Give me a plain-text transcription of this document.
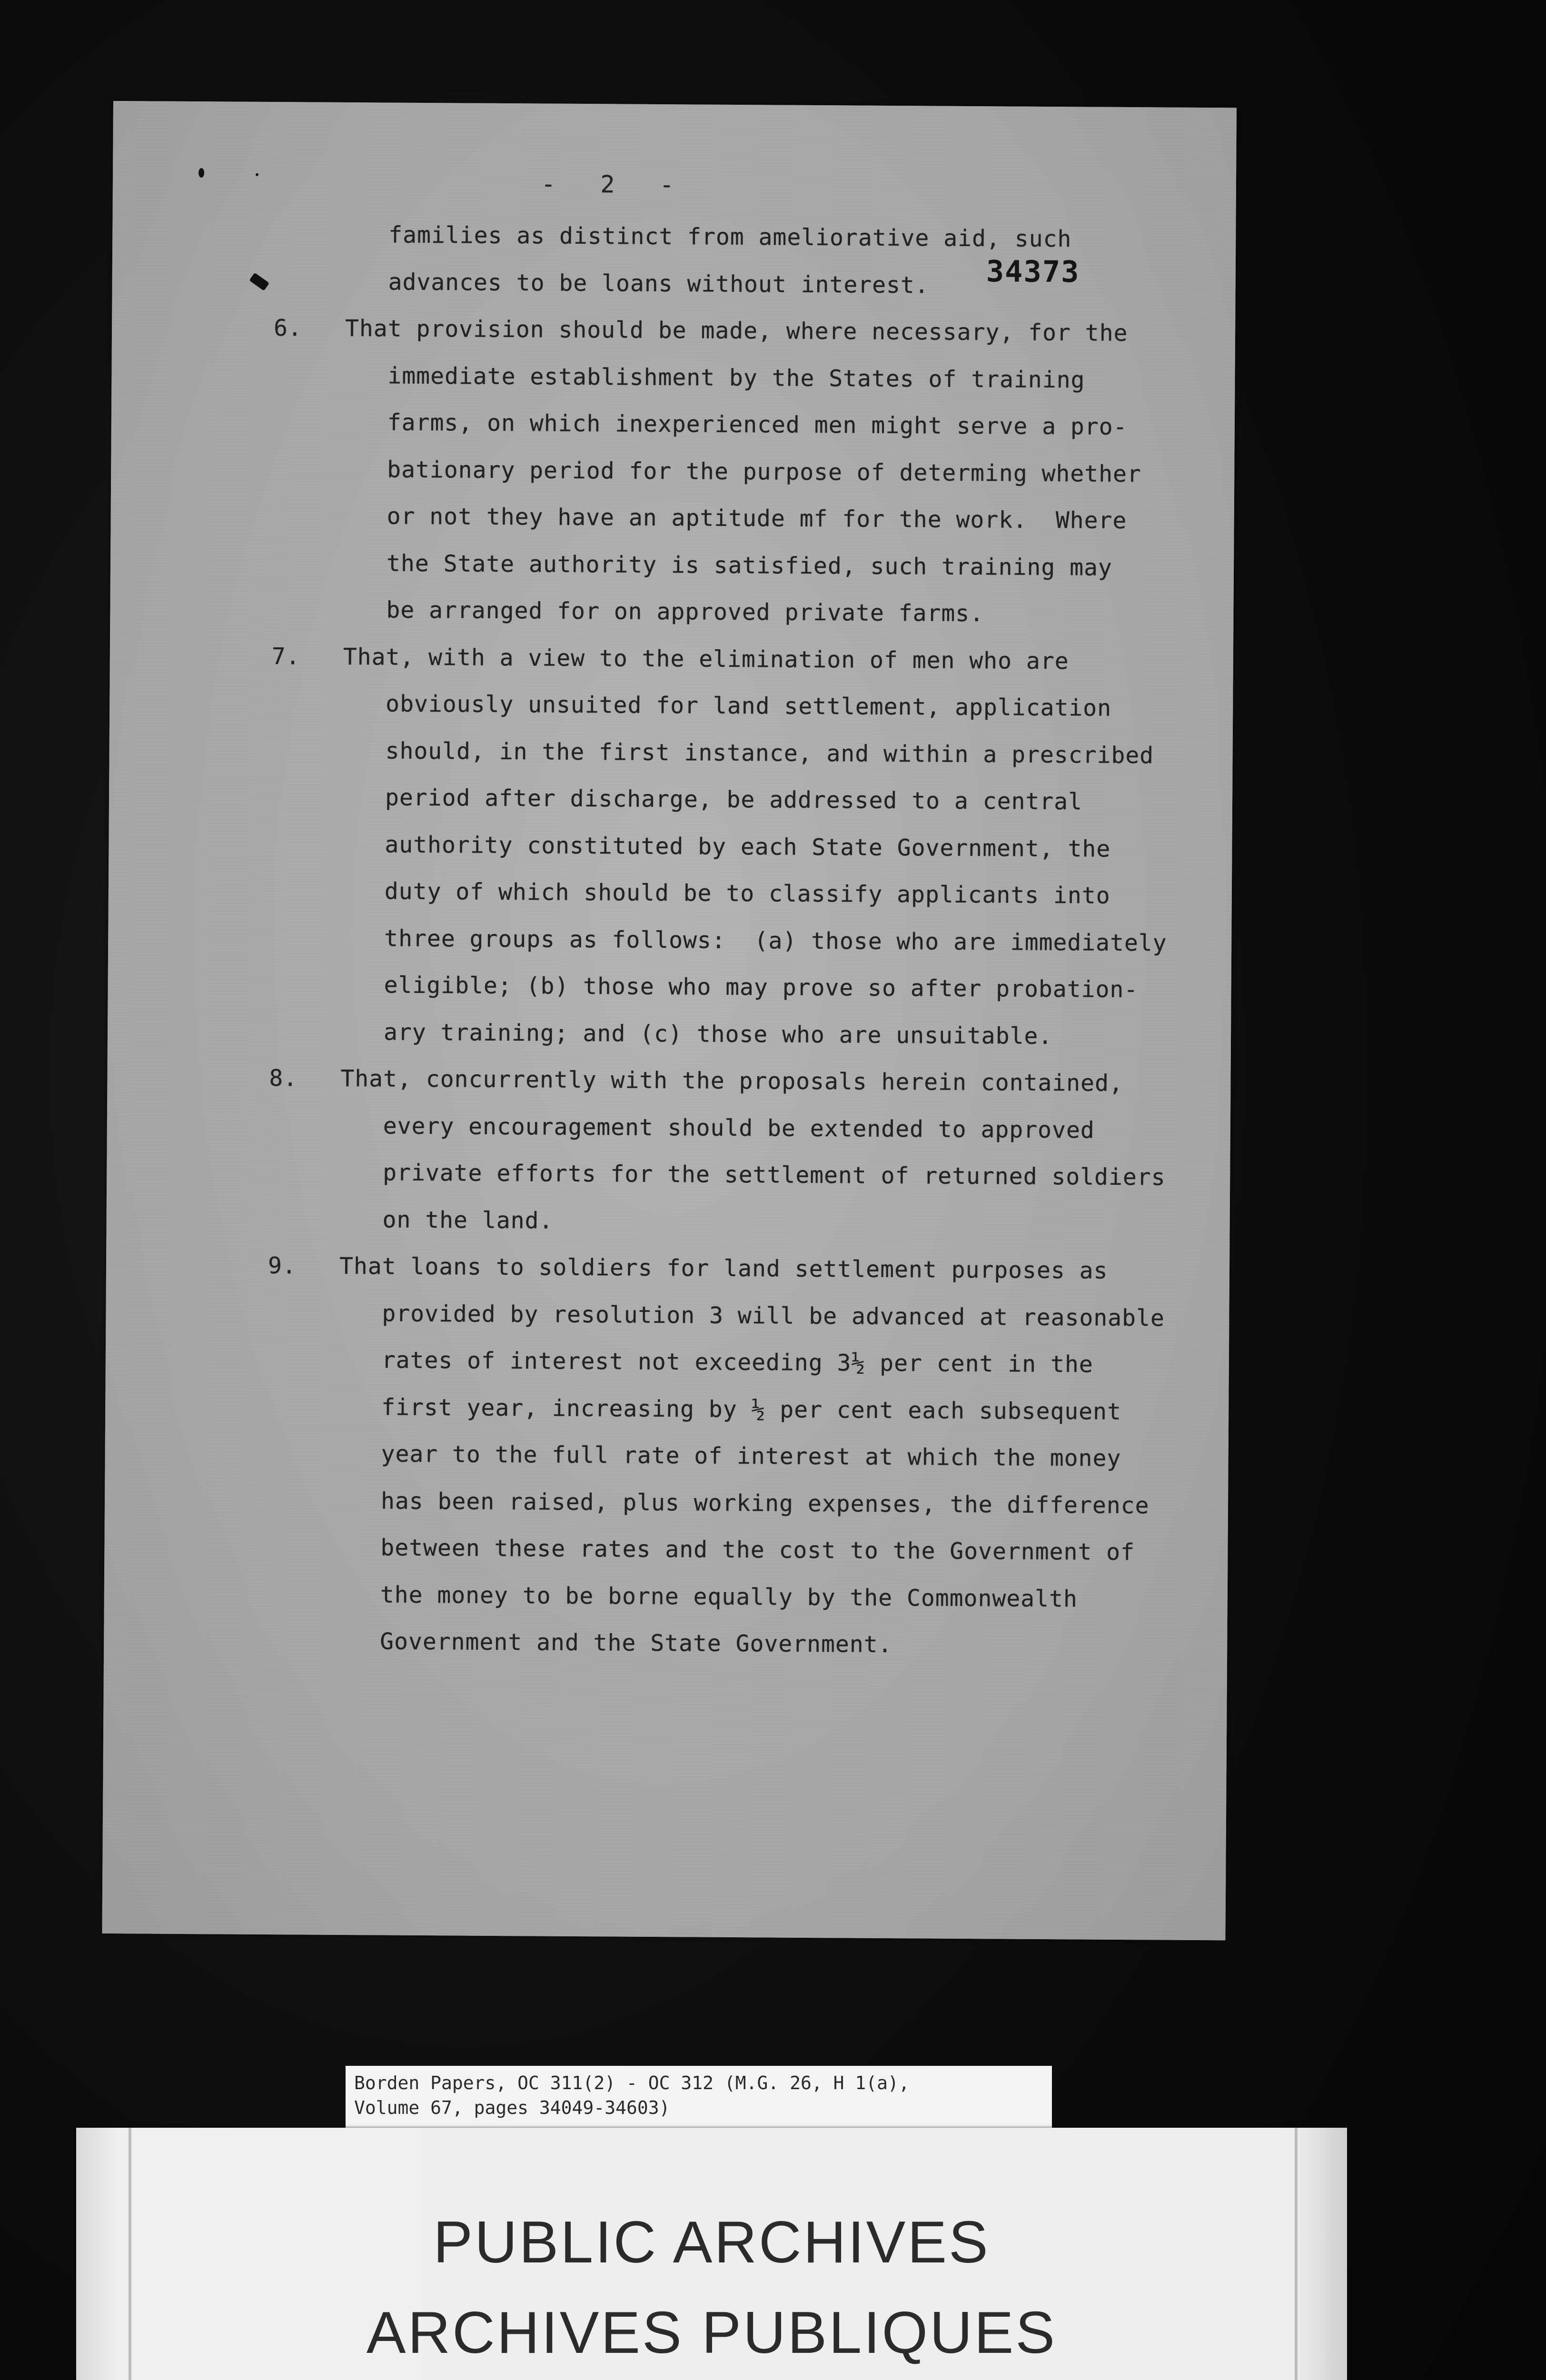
-   2   -
34373
families as distinct from ameliorative aid, such
advances to be loans without interest.
6. That provision should be made, where necessary, for the
immediate establishment by the States of training
farms, on which inexperienced men might serve a pro-
bationary period for the purpose of determing whether
or not they have an aptitude mf for the work.  Where
the State authority is satisfied, such training may
be arranged for on approved private farms.
7. That, with a view to the elimination of men who are
obviously unsuited for land settlement, application
should, in the first instance, and within a prescribed
period after discharge, be addressed to a central
authority constituted by each State Government, the
duty of which should be to classify applicants into
three groups as follows:  (a) those who are immediately
eligible; (b) those who may prove so after probation-
ary training; and (c) those who are unsuitable.
8. That, concurrently with the proposals herein contained,
every encouragement should be extended to approved
private efforts for the settlement of returned soldiers
on the land.
9. That loans to soldiers for land settlement purposes as
provided by resolution 3 will be advanced at reasonable
rates of interest not exceeding 3½ per cent in the
first year, increasing by ½ per cent each subsequent
year to the full rate of interest at which the money
has been raised, plus working expenses, the difference
between these rates and the cost to the Government of
the money to be borne equally by the Commonwealth
Government and the State Government.
Borden Papers, OC 311(2) - OC 312 (M.G. 26, H 1(a),
Volume 67, pages 34049-34603)
PUBLIC ARCHIVES
ARCHIVES PUBLIQUES
